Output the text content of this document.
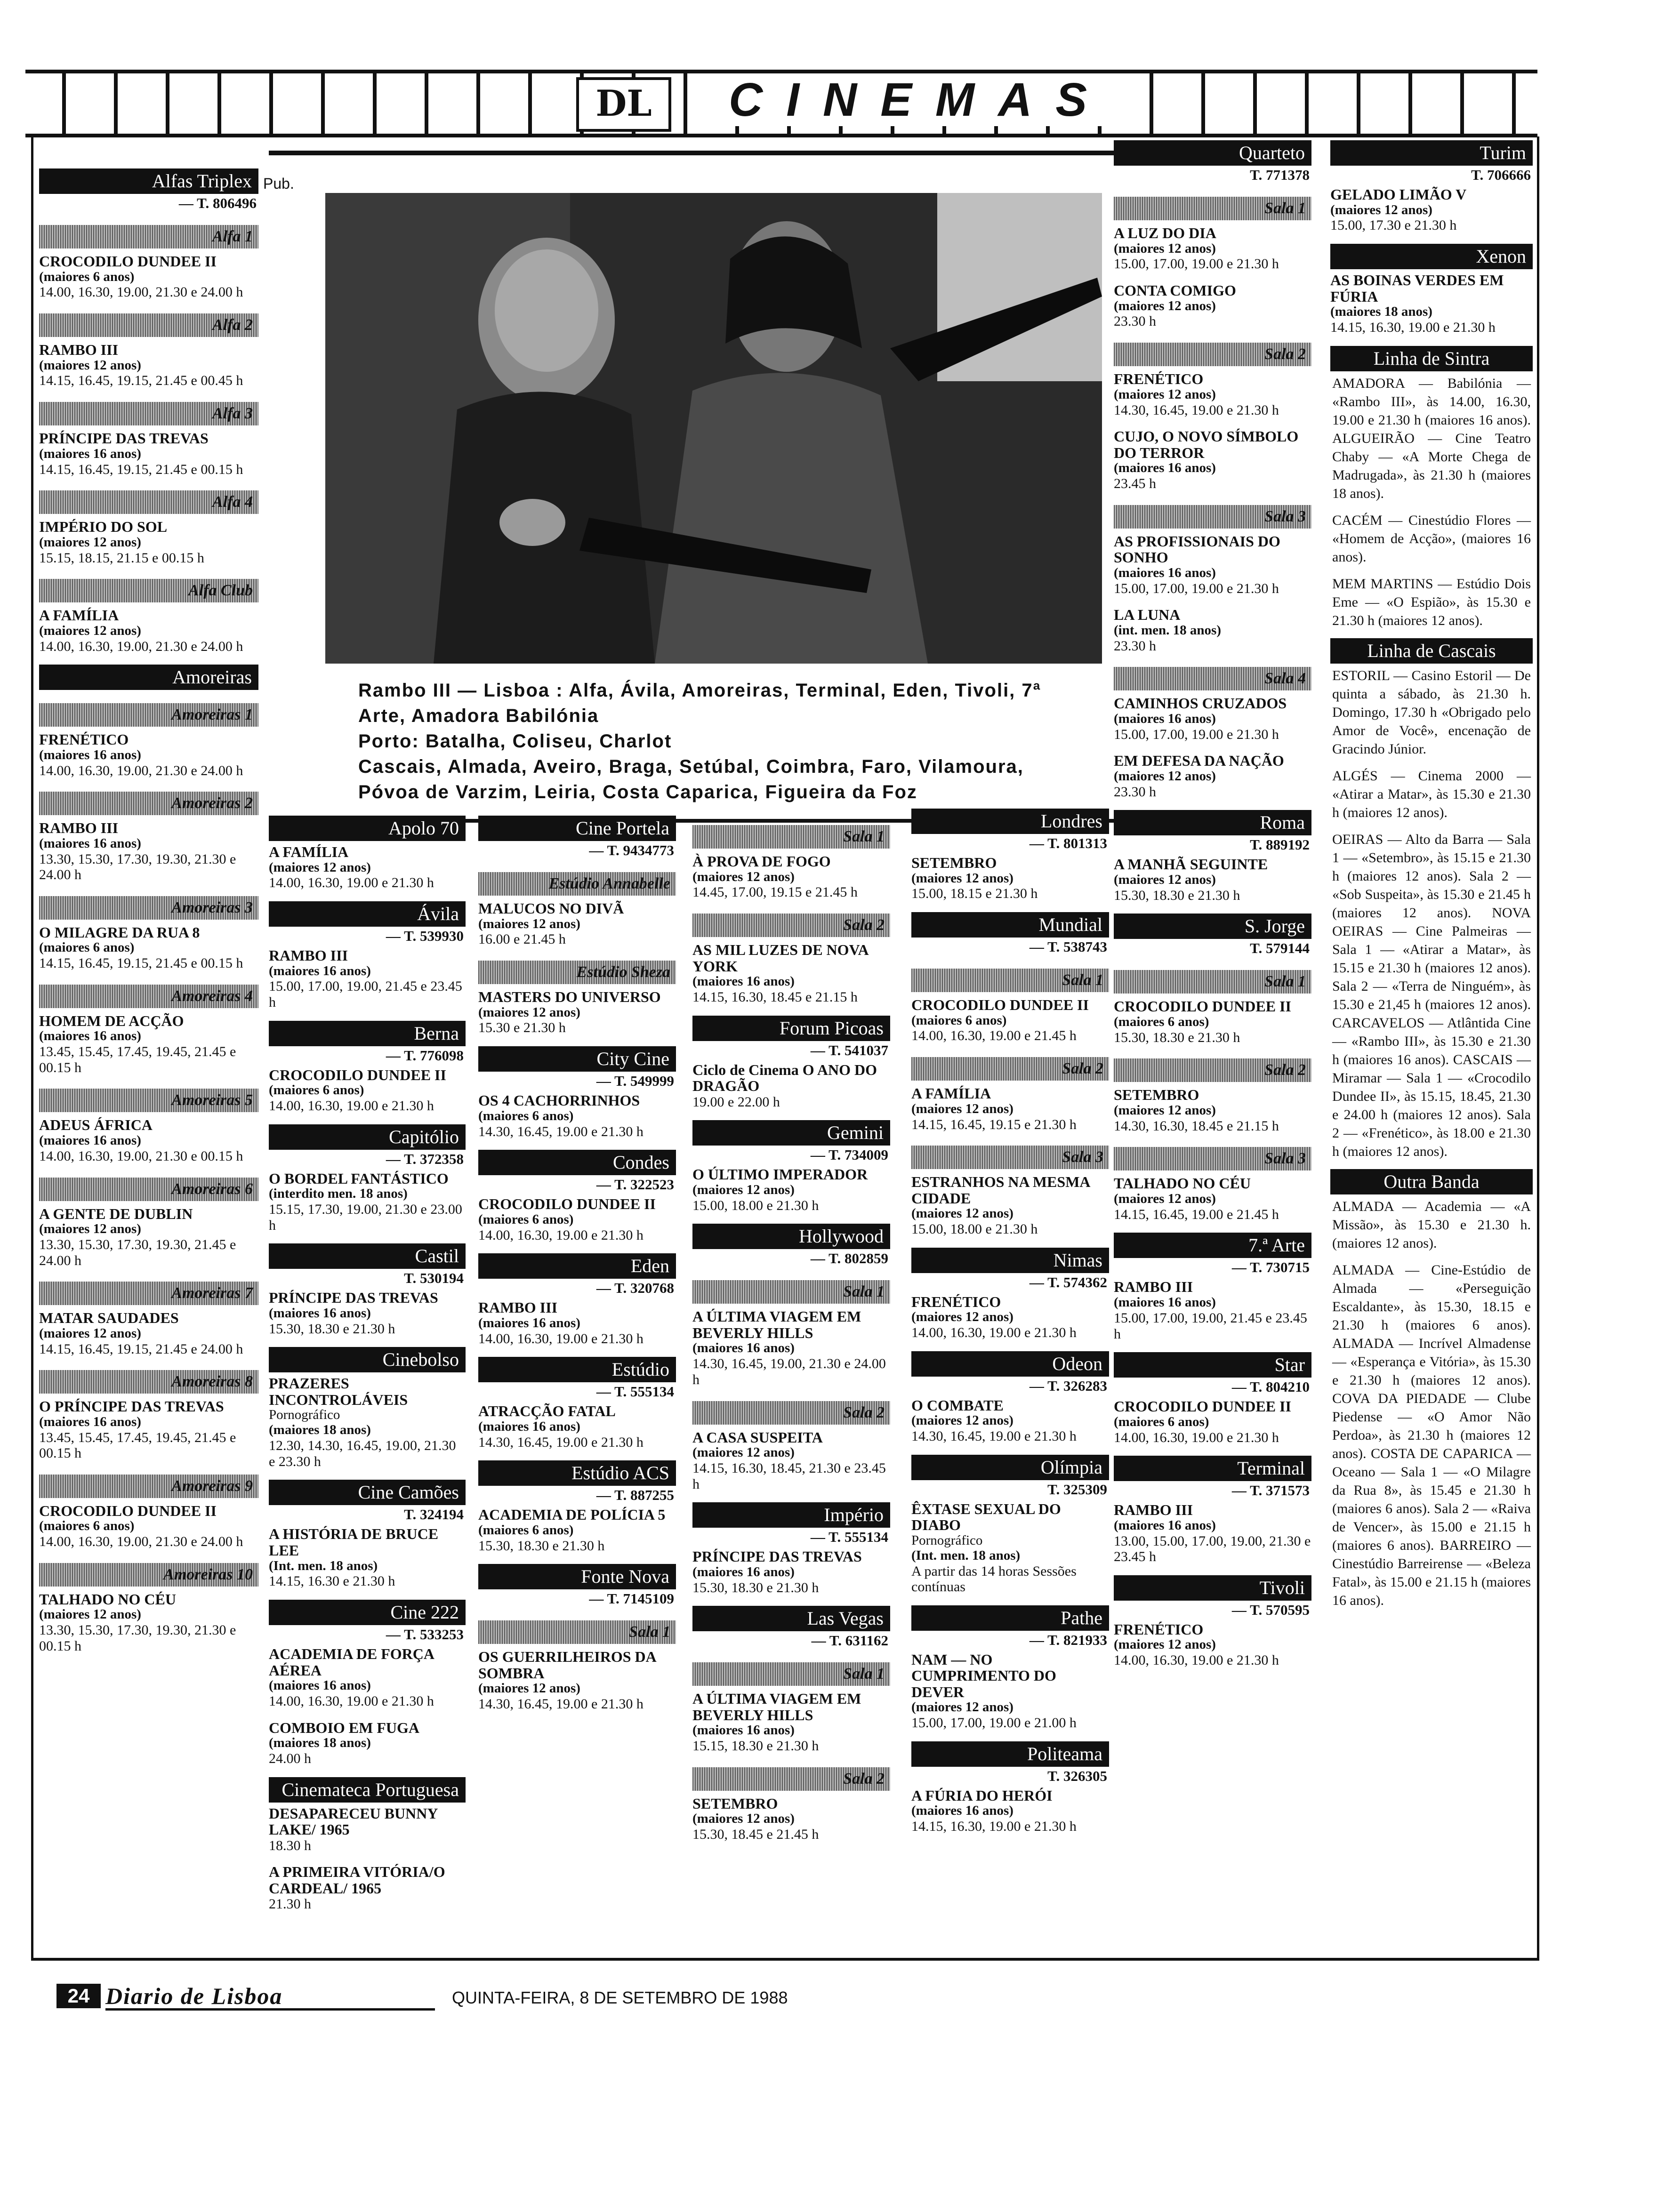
DL	CINEMAS
Pub.
Rambo III — Lisboa : Alfa, Ávila, Amoreiras, Terminal, Eden, Tivoli, 7ª
Arte, Amadora Babilónia
Porto: Batalha, Coliseu, Charlot
Cascais, Almada, Aveiro, Braga, Setúbal, Coimbra, Faro, Vilamoura,
Póvoa de Varzim, Leiria, Costa Caparica, Figueira da Foz
Alfas Triplex
— T. 806496
Alfa 1
CROCODILO DUNDEE II
(maiores 6 anos)
14.00, 16.30, 19.00, 21.30 e 24.00 h
Alfa 2
RAMBO III
(maiores 12 anos)
14.15, 16.45, 19.15, 21.45 e 00.45 h
Alfa 3
PRÍNCIPE DAS TREVAS
(maiores 16 anos)
14.15, 16.45, 19.15, 21.45 e 00.15 h
Alfa 4
IMPÉRIO DO SOL
(maiores 12 anos)
15.15, 18.15, 21.15 e 00.15 h
Alfa Club
A FAMÍLIA
(maiores 12 anos)
14.00, 16.30, 19.00, 21.30 e 24.00 h
Amoreiras
Amoreiras 1
FRENÉTICO
(maiores 16 anos)
14.00, 16.30, 19.00, 21.30 e 24.00 h
Amoreiras 2
RAMBO III
(maiores 16 anos)
13.30, 15.30, 17.30, 19.30, 21.30 e 24.00 h
Amoreiras 3
O MILAGRE DA RUA 8
(maiores 6 anos)
14.15, 16.45, 19.15, 21.45 e 00.15 h
Amoreiras 4
HOMEM DE ACÇÃO
(maiores 16 anos)
13.45, 15.45, 17.45, 19.45, 21.45 e 00.15 h
Amoreiras 5
ADEUS ÁFRICA
(maiores 16 anos)
14.00, 16.30, 19.00, 21.30 e 00.15 h
Amoreiras 6
A GENTE DE DUBLIN
(maiores 12 anos)
13.30, 15.30, 17.30, 19.30, 21.45 e 24.00 h
Amoreiras 7
MATAR SAUDADES
(maiores 12 anos)
14.15, 16.45, 19.15, 21.45 e 24.00 h
Amoreiras 8
O PRÍNCIPE DAS TREVAS
(maiores 16 anos)
13.45, 15.45, 17.45, 19.45, 21.45 e 00.15 h
Amoreiras 9
CROCODILO DUNDEE II
(maiores 6 anos)
14.00, 16.30, 19.00, 21.30 e 24.00 h
Amoreiras 10
TALHADO NO CÉU
(maiores 12 anos)
13.30, 15.30, 17.30, 19.30, 21.30 e 00.15 h
Apolo 70
A FAMÍLIA
(maiores 12 anos)
14.00, 16.30, 19.00 e 21.30 h
Ávila
— T. 539930
RAMBO III
(maiores 16 anos)
15.00, 17.00, 19.00, 21.45 e 23.45 h
Berna
— T. 776098
CROCODILO DUNDEE II
(maiores 6 anos)
14.00, 16.30, 19.00 e 21.30 h
Capitólio
— T. 372358
O BORDEL FANTÁSTICO
(interdito men. 18 anos)
15.15, 17.30, 19.00, 21.30 e 23.00 h
Castil
T. 530194
PRÍNCIPE DAS TREVAS
(maiores 16 anos)
15.30, 18.30 e 21.30 h
Cinebolso
PRAZERES INCONTROLÁVEIS
Pornográfico
(maiores 18 anos)
12.30, 14.30, 16.45, 19.00, 21.30 e 23.30 h
Cine Camões
T. 324194
A HISTÓRIA DE BRUCE LEE
(Int. men. 18 anos)
14.15, 16.30 e 21.30 h
Cine 222
— T. 533253
ACADEMIA DE FORÇA AÉREA
(maiores 16 anos)
14.00, 16.30, 19.00 e 21.30 h
COMBOIO EM FUGA
(maiores 18 anos)
24.00 h
Cinemateca Portuguesa
DESAPARECEU BUNNY LAKE/ 1965
18.30 h
A PRIMEIRA VITÓRIA/O CARDEAL/ 1965
21.30 h
Cine Portela
— T. 9434773
Estúdio Annabelle
MALUCOS NO DIVÃ
(maiores 12 anos)
16.00 e 21.45 h
Estúdio Sheza
MASTERS DO UNIVERSO
(maiores 12 anos)
15.30 e 21.30 h
City Cine
— T. 549999
OS 4 CACHORRINHOS
(maiores 6 anos)
14.30, 16.45, 19.00 e 21.30 h
Condes
— T. 322523
CROCODILO DUNDEE II
(maiores 6 anos)
14.00, 16.30, 19.00 e 21.30 h
Eden
— T. 320768
RAMBO III
(maiores 16 anos)
14.00, 16.30, 19.00 e 21.30 h
Estúdio
— T. 555134
ATRACÇÃO FATAL
(maiores 16 anos)
14.30, 16.45, 19.00 e 21.30 h
Estúdio ACS
— T. 887255
ACADEMIA DE POLÍCIA 5
(maiores 6 anos)
15.30, 18.30 e 21.30 h
Fonte Nova
— T. 7145109
Sala 1
OS GUERRILHEIROS DA SOMBRA
(maiores 12 anos)
14.30, 16.45, 19.00 e 21.30 h
Sala 1
À PROVA DE FOGO
(maiores 12 anos)
14.45, 17.00, 19.15 e 21.45 h
Sala 2
AS MIL LUZES DE NOVA YORK
(maiores 16 anos)
14.15, 16.30, 18.45 e 21.15 h
Forum Picoas
— T. 541037
Ciclo de Cinema O ANO DO DRAGÃO
19.00 e 22.00 h
Gemini
— T. 734009
O ÚLTIMO IMPERADOR
(maiores 12 anos)
15.00, 18.00 e 21.30 h
Hollywood
— T. 802859
Sala 1
A ÚLTIMA VIAGEM EM BEVERLY HILLS
(maiores 16 anos)
14.30, 16.45, 19.00, 21.30 e 24.00 h
Sala 2
A CASA SUSPEITA
(maiores 12 anos)
14.15, 16.30, 18.45, 21.30 e 23.45 h
Império
— T. 555134
PRÍNCIPE DAS TREVAS
(maiores 16 anos)
15.30, 18.30 e 21.30 h
Las Vegas
— T. 631162
Sala 1
A ÚLTIMA VIAGEM EM BEVERLY HILLS
(maiores 16 anos)
15.15, 18.30 e 21.30 h
Sala 2
SETEMBRO
(maiores 12 anos)
15.30, 18.45 e 21.45 h
Londres
— T. 801313
SETEMBRO
(maiores 12 anos)
15.00, 18.15 e 21.30 h
Mundial
— T. 538743
Sala 1
CROCODILO DUNDEE II
(maiores 6 anos)
14.00, 16.30, 19.00 e 21.45 h
Sala 2
A FAMÍLIA
(maiores 12 anos)
14.15, 16.45, 19.15 e 21.30 h
Sala 3
ESTRANHOS NA MESMA CIDADE
(maiores 12 anos)
15.00, 18.00 e 21.30 h
Nimas
— T. 574362
FRENÉTICO
(maiores 12 anos)
14.00, 16.30, 19.00 e 21.30 h
Odeon
— T. 326283
O COMBATE
(maiores 12 anos)
14.30, 16.45, 19.00 e 21.30 h
Olímpia
T. 325309
ÊXTASE SEXUAL DO DIABO
Pornográfico
(Int. men. 18 anos)
A partir das 14 horas Sessões contínuas
Pathe
— T. 821933
NAM — NO CUMPRIMENTO DO DEVER
(maiores 12 anos)
15.00, 17.00, 19.00 e 21.00 h
Politeama
T. 326305
A FÚRIA DO HERÓI
(maiores 16 anos)
14.15, 16.30, 19.00 e 21.30 h
Quarteto
T. 771378
Sala 1
A LUZ DO DIA
(maiores 12 anos)
15.00, 17.00, 19.00 e 21.30 h
CONTA COMIGO
(maiores 12 anos)
23.30 h
Sala 2
FRENÉTICO
(maiores 12 anos)
14.30, 16.45, 19.00 e 21.30 h
CUJO, O NOVO SÍMBOLO DO TERROR
(maiores 16 anos)
23.45 h
Sala 3
AS PROFISSIONAIS DO SONHO
(maiores 16 anos)
15.00, 17.00, 19.00 e 21.30 h
LA LUNA
(int. men. 18 anos)
23.30 h
Sala 4
CAMINHOS CRUZADOS
(maiores 16 anos)
15.00, 17.00, 19.00 e 21.30 h
EM DEFESA DA NAÇÃO
(maiores 12 anos)
23.30 h
Roma
T. 889192
A MANHÃ SEGUINTE
(maiores 12 anos)
15.30, 18.30 e 21.30 h
S. Jorge
T. 579144
Sala 1
CROCODILO DUNDEE II
(maiores 6 anos)
15.30, 18.30 e 21.30 h
Sala 2
SETEMBRO
(maiores 12 anos)
14.30, 16.30, 18.45 e 21.15 h
Sala 3
TALHADO NO CÉU
(maiores 12 anos)
14.15, 16.45, 19.00 e 21.45 h
7.ª Arte
— T. 730715
RAMBO III
(maiores 16 anos)
15.00, 17.00, 19.00, 21.45 e 23.45 h
Star
— T. 804210
CROCODILO DUNDEE II
(maiores 6 anos)
14.00, 16.30, 19.00 e 21.30 h
Terminal
— T. 371573
RAMBO III
(maiores 16 anos)
13.00, 15.00, 17.00, 19.00, 21.30 e 23.45 h
Tivoli
— T. 570595
FRENÉTICO
(maiores 12 anos)
14.00, 16.30, 19.00 e 21.30 h
Turim
T. 706666
GELADO LIMÃO V
(maiores 12 anos)
15.00, 17.30 e 21.30 h
Xenon
AS BOINAS VERDES EM FÚRIA
(maiores 18 anos)
14.15, 16.30, 19.00 e 21.30 h
Linha de Sintra
AMADORA — Babilónia — «Rambo III», às 14.00, 16.30, 19.00 e 21.30 h (maiores 16 anos). ALGUEIRÃO — Cine Teatro Chaby — «A Morte Chega de Madrugada», às 21.30 h (maiores 18 anos).
CACÉM — Cinestúdio Flores — «Homem de Acção», (maiores 16 anos).
MEM MARTINS — Estúdio Dois Eme — «O Espião», às 15.30 e 21.30 h (maiores 12 anos).
Linha de Cascais
ESTORIL — Casino Estoril — De quinta a sábado, às 21.30 h. Domingo, 17.30 h «Obrigado pelo Amor de Você», encenação de Gracindo Júnior.
ALGÉS — Cinema 2000 — «Atirar a Matar», às 15.30 e 21.30 h (maiores 12 anos).
OEIRAS — Alto da Barra — Sala 1 — «Setembro», às 15.15 e 21.30 h (maiores 12 anos). Sala 2 — «Sob Suspeita», às 15.30 e 21.45 h (maiores 12 anos). NOVA OEIRAS — Cine Palmeiras — Sala 1 — «Atirar a Matar», às 15.15 e 21.30 h (maiores 12 anos). Sala 2 — «Terra de Ninguém», às 15.30 e 21,45 h (maiores 12 anos). CARCAVELOS — Atlântida Cine — «Rambo III», às 15.30 e 21.30 h (maiores 16 anos). CASCAIS — Miramar — Sala 1 — «Crocodilo Dundee II», às 15.15, 18.45, 21.30 e 24.00 h (maiores 12 anos). Sala 2 — «Frenético», às 18.00 e 21.30 h (maiores 12 anos).
Outra Banda
ALMADA — Academia — «A Missão», às 15.30 e 21.30 h. (maiores 12 anos).
ALMADA — Cine-Estúdio de Almada — «Perseguição Escaldante», às 15.30, 18.15 e 21.30 h (maiores 6 anos). ALMADA — Incrível Almadense — «Esperança e Vitória», às 15.30 e 21.30 h (maiores 12 anos). COVA DA PIEDADE — Clube Piedense — «O Amor Não Perdoa», às 21.30 h (maiores 12 anos). COSTA DE CAPARICA — Oceano — Sala 1 — «O Milagre da Rua 8», às 15.45 e 21.30 h (maiores 6 anos). Sala 2 — «Raiva de Vencer», às 15.00 e 21.15 h (maiores 6 anos). BARREIRO — Cinestúdio Barreirense — «Beleza Fatal», às 15.00 e 21.15 h (maiores 16 anos).
24 Diario de Lisboa	QUINTA-FEIRA, 8 DE SETEMBRO DE 1988
